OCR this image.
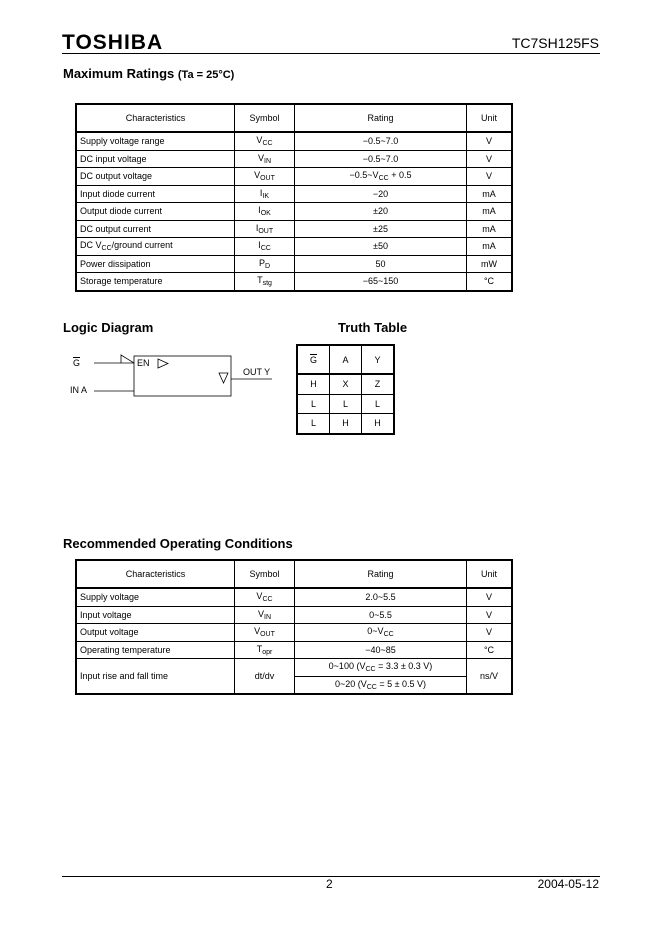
TOSHIBA	TC7SH125FS
Maximum Ratings (Ta = 25°C)
Characteristics	Symbol	Rating	Unit
Supply voltage range	$V_{CC}$	−0.5~7.0	V
DC input voltage	$V_{IN}$	−0.5~7.0	V
DC output voltage	$V_{OUT}$	$-0.5\sim V_{CC} + 0.5$	V
Input diode current	$I_{IK}$	−20	mA
Output diode current	$I_{OK}$	±20	mA
DC output current	$I_{OUT}$	±25	mA
DC $V_{CC}$/ground current	$I_{CC}$	±50	mA
Power dissipation	$P_D$	50	mW
Storage temperature	$T_{stg}$	−65~150	°C
Logic Diagram	Truth Table
$\overline{G}$	EN
IN A
OUT Y
$\overline{G}$	A	Y
H	X	Z
L	L	L
L	H	H
Recommended Operating Conditions
Characteristics	Symbol	Rating	Unit
Supply voltage	$V_{CC}$	2.0~5.5	V
Input voltage	$V_{IN}$	0~5.5	V
Output voltage	$V_{OUT}$	$0\sim V_{CC}$	V
Operating temperature	$T_{opr}$	−40~85	°C
Input rise and fall time	dt/dv	0~100 ($V_{CC} = 3.3 \pm 0.3$ V)	ns/V
		0~20 ($V_{CC} = 5 \pm 0.5$ V)	
2	2004-05-12
